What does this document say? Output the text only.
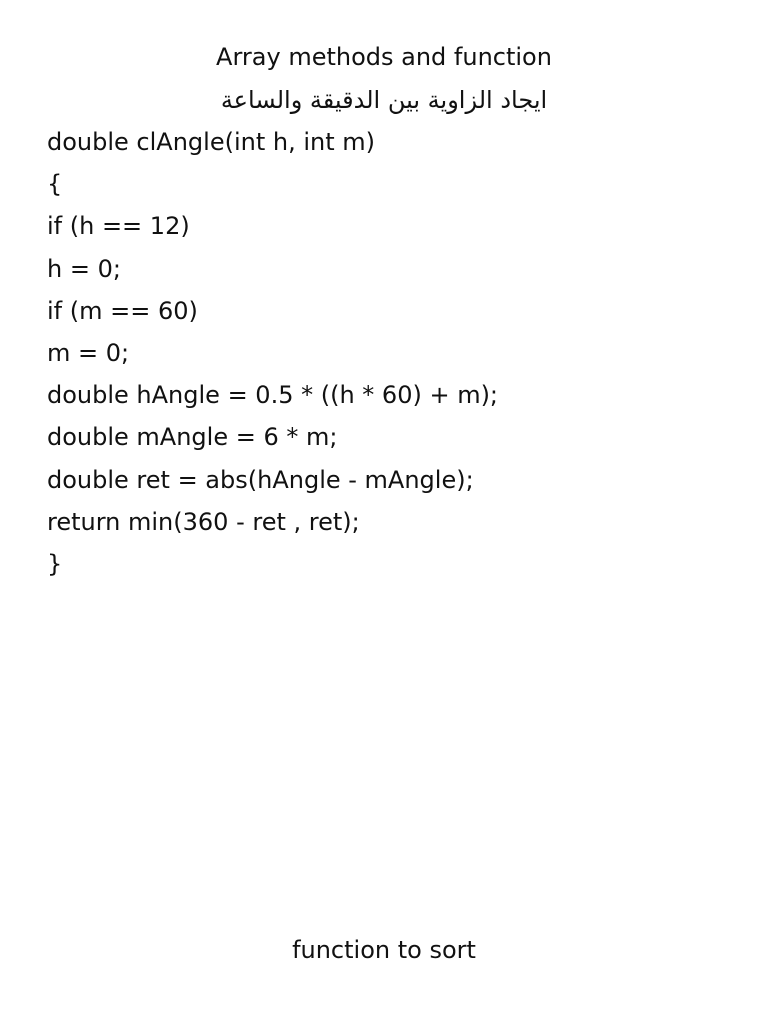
Array methods and function
ايجاد الزاوية بين الدقيقة والساعة
double clAngle(int h, int m)
{
if (h == 12)
h = 0;
if (m == 60)
m = 0;
double hAngle = 0.5 * ((h * 60) + m);
double mAngle = 6 * m;
double ret = abs(hAngle - mAngle);
return min(360 - ret , ret);
}
function to sort
